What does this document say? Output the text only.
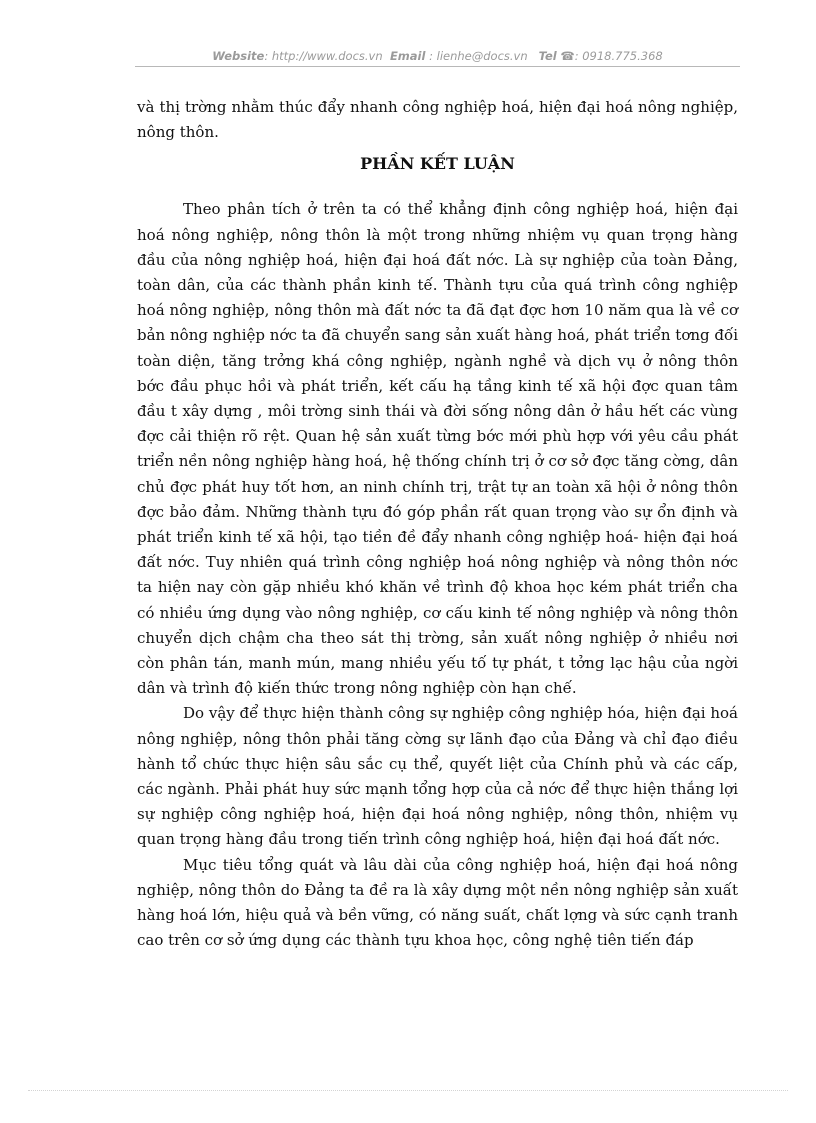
Website: http://www.docs.vn Email : lienhe@docs.vn Tel ☎: 0918.775.368

và thị trờng nhằm thúc đẩy nhanh công nghiệp hoá, hiện đại hoá nông nghiệp, nông thôn.

PHẦN KẾT LUẬN

Theo phân tích ở trên ta có thể khẳng định công nghiệp hoá, hiện đại hoá nông nghiệp, nông thôn là một trong những nhiệm vụ quan trọng hàng đầu của nông nghiệp hoá, hiện đại hoá đất nớc. Là sự nghiệp của toàn Đảng, toàn dân, của các thành phần kinh tế. Thành tựu của quá trình công nghiệp hoá nông nghiệp, nông thôn mà đất nớc ta đã đạt đợc hơn 10 năm qua là về cơ bản nông nghiệp nớc ta đã chuyển sang sản xuất hàng hoá, phát triển tơng đối toàn diện, tăng trởng khá công nghiệp, ngành nghề và dịch vụ ở nông thôn bớc đầu phục hồi và phát triển, kết cấu hạ tầng kinh tế xã hội đợc quan tâm đầu t xây dựng , môi trờng sinh thái và đời sống nông dân ở hầu hết các vùng đợc cải thiện rõ rệt. Quan hệ sản xuất từng bớc mới phù hợp với yêu cầu phát triển nền nông nghiệp hàng hoá, hệ thống chính trị ở cơ sở đợc tăng cờng, dân chủ đợc phát huy tốt hơn, an ninh chính trị, trật tự an toàn xã hội ở nông thôn đợc bảo đảm. Những thành tựu đó góp phần rất quan trọng vào sự ổn định và phát triển kinh tế xã hội, tạo tiền đề đẩy nhanh công nghiệp hoá- hiện đại hoá đất nớc. Tuy nhiên quá trình công nghiệp hoá nông nghiệp và nông thôn nớc ta hiện nay còn gặp nhiều khó khăn về trình độ khoa học kém phát triển cha có nhiều ứng dụng vào nông nghiệp, cơ cấu kinh tế nông nghiệp và nông thôn chuyển dịch chậm cha theo sát thị trờng, sản xuất nông nghiệp ở nhiều nơi còn phân tán, manh mún, mang nhiều yếu tố tự phát, t tởng lạc hậu của ngời dân và trình độ kiến thức trong nông nghiệp còn hạn chế.

Do vậy để thực hiện thành công sự nghiệp công nghiệp hóa, hiện đại hoá nông nghiệp, nông thôn phải tăng cờng sự lãnh đạo của Đảng và chỉ đạo điều hành tổ chức thực hiện sâu sắc cụ thể, quyết liệt của Chính phủ và các cấp, các ngành. Phải phát huy sức mạnh tổng hợp của cả nớc để thực hiện thắng lợi sự nghiệp công nghiệp hoá, hiện đại hoá nông nghiệp, nông thôn, nhiệm vụ quan trọng hàng đầu trong tiến trình công nghiệp hoá, hiện đại hoá đất nớc.

Mục tiêu tổng quát và lâu dài của công nghiệp hoá, hiện đại hoá nông nghiệp, nông thôn do Đảng ta đề ra là xây dựng một nền nông nghiệp sản xuất hàng hoá lớn, hiệu quả và bền vững, có năng suất, chất lợng và sức cạnh tranh cao trên cơ sở ứng dụng các thành tựu khoa học, công nghệ tiên tiến đáp
